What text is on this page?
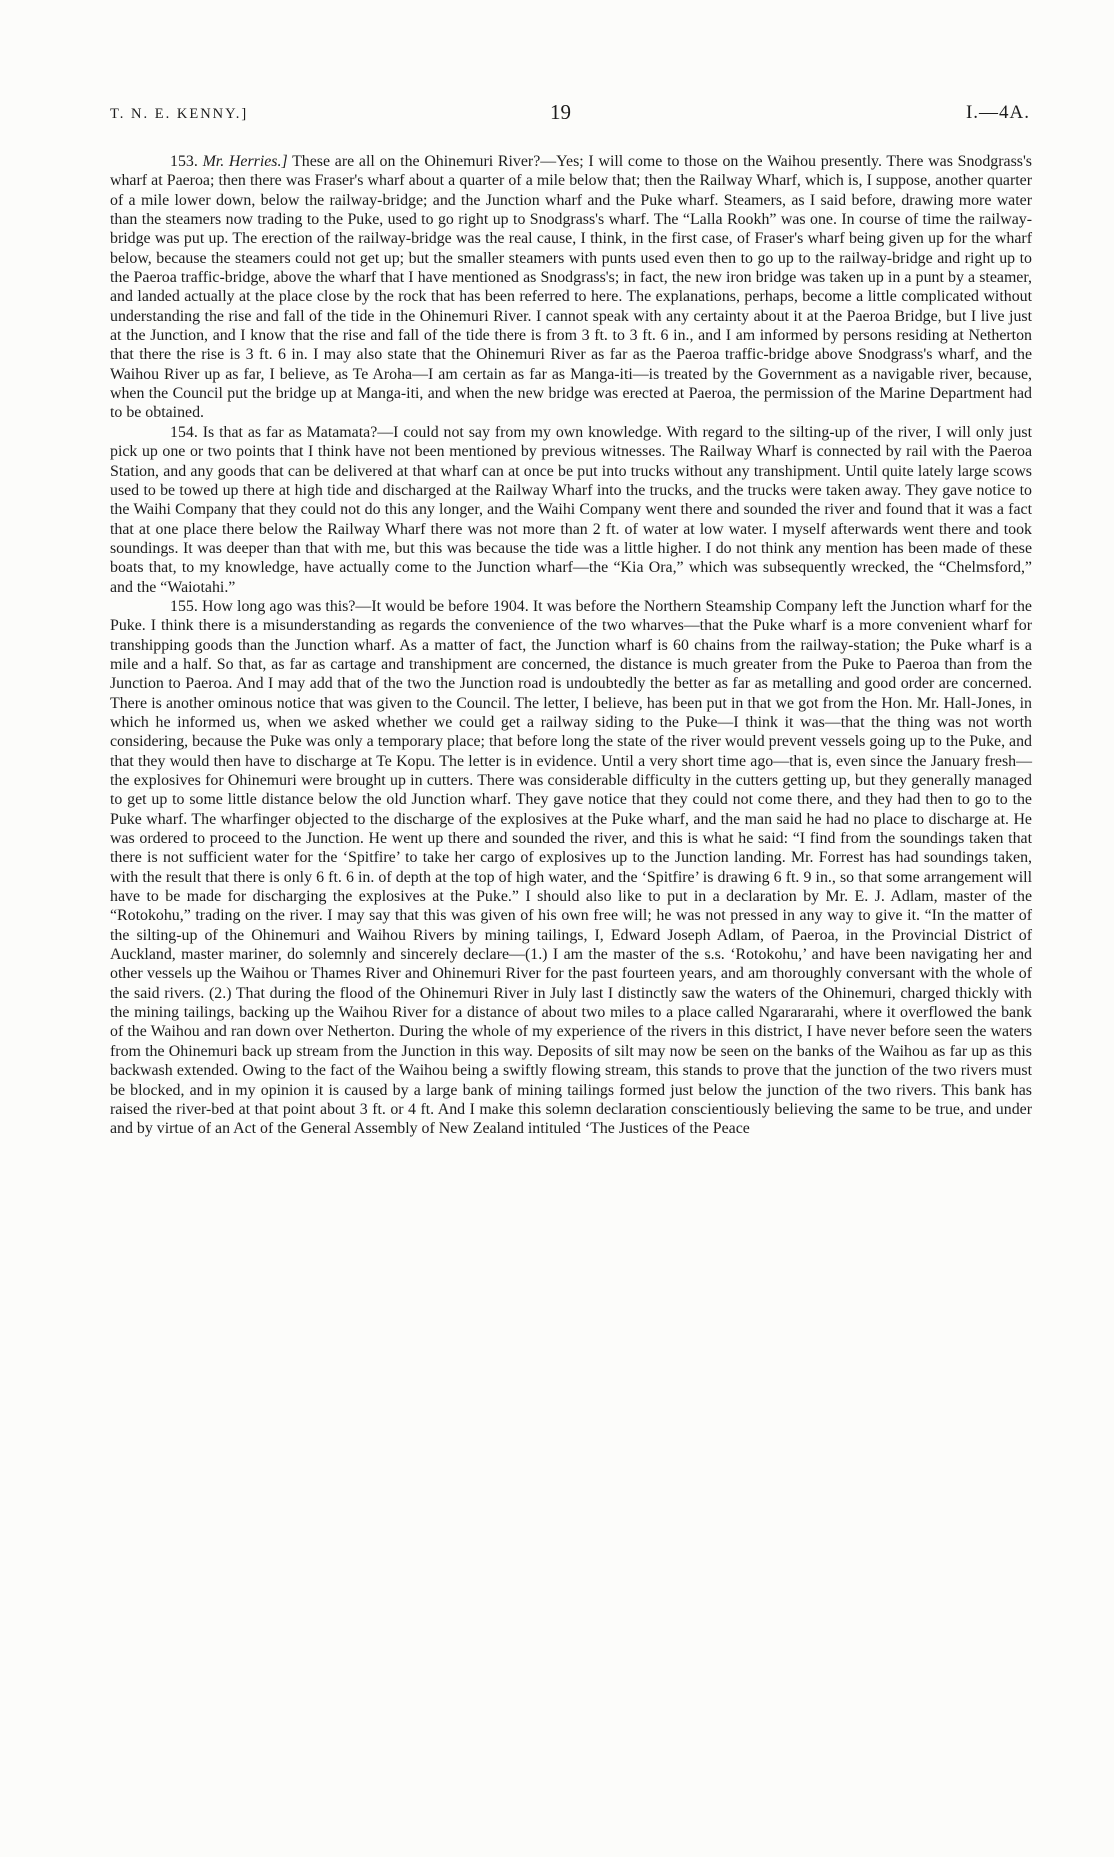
T. N. E. KENNY.]	19	I.—4A.

153. Mr. Herries.] These are all on the Ohinemuri River?—Yes; I will come to those on the Waihou presently. There was Snodgrass's wharf at Paeroa; then there was Fraser's wharf about a quarter of a mile below that; then the Railway Wharf, which is, I suppose, another quarter of a mile lower down, below the railway-bridge; and the Junction wharf and the Puke wharf. Steamers, as I said before, drawing more water than the steamers now trading to the Puke, used to go right up to Snodgrass's wharf. The “Lalla Rookh” was one. In course of time the railway-bridge was put up. The erection of the railway-bridge was the real cause, I think, in the first case, of Fraser's wharf being given up for the wharf below, because the steamers could not get up; but the smaller steamers with punts used even then to go up to the railway-bridge and right up to the Paeroa traffic-bridge, above the wharf that I have mentioned as Snodgrass's; in fact, the new iron bridge was taken up in a punt by a steamer, and landed actually at the place close by the rock that has been referred to here. The explanations, perhaps, become a little complicated without understanding the rise and fall of the tide in the Ohinemuri River. I cannot speak with any certainty about it at the Paeroa Bridge, but I live just at the Junction, and I know that the rise and fall of the tide there is from 3 ft. to 3 ft. 6 in., and I am informed by persons residing at Netherton that there the rise is 3 ft. 6 in. I may also state that the Ohinemuri River as far as the Paeroa traffic-bridge above Snodgrass's wharf, and the Waihou River up as far, I believe, as Te Aroha—I am certain as far as Manga-iti—is treated by the Government as a navigable river, because, when the Council put the bridge up at Manga-iti, and when the new bridge was erected at Paeroa, the permission of the Marine Department had to be obtained.

154. Is that as far as Matamata?—I could not say from my own knowledge. With regard to the silting-up of the river, I will only just pick up one or two points that I think have not been mentioned by previous witnesses. The Railway Wharf is connected by rail with the Paeroa Station, and any goods that can be delivered at that wharf can at once be put into trucks without any transhipment. Until quite lately large scows used to be towed up there at high tide and discharged at the Railway Wharf into the trucks, and the trucks were taken away. They gave notice to the Waihi Company that they could not do this any longer, and the Waihi Company went there and sounded the river and found that it was a fact that at one place there below the Railway Wharf there was not more than 2 ft. of water at low water. I myself afterwards went there and took soundings. It was deeper than that with me, but this was because the tide was a little higher. I do not think any mention has been made of these boats that, to my knowledge, have actually come to the Junction wharf—the “Kia Ora,” which was subsequently wrecked, the “Chelmsford,” and the “Waiotahi.”

155. How long ago was this?—It would be before 1904. It was before the Northern Steamship Company left the Junction wharf for the Puke. I think there is a misunderstanding as regards the convenience of the two wharves—that the Puke wharf is a more convenient wharf for transhipping goods than the Junction wharf. As a matter of fact, the Junction wharf is 60 chains from the railway-station; the Puke wharf is a mile and a half. So that, as far as cartage and transhipment are concerned, the distance is much greater from the Puke to Paeroa than from the Junction to Paeroa. And I may add that of the two the Junction road is undoubtedly the better as far as metalling and good order are concerned. There is another ominous notice that was given to the Council. The letter, I believe, has been put in that we got from the Hon. Mr. Hall-Jones, in which he informed us, when we asked whether we could get a railway siding to the Puke—I think it was—that the thing was not worth considering, because the Puke was only a temporary place; that before long the state of the river would prevent vessels going up to the Puke, and that they would then have to discharge at Te Kopu. The letter is in evidence. Until a very short time ago—that is, even since the January fresh—the explosives for Ohinemuri were brought up in cutters. There was considerable difficulty in the cutters getting up, but they generally managed to get up to some little distance below the old Junction wharf. They gave notice that they could not come there, and they had then to go to the Puke wharf. The wharfinger objected to the discharge of the explosives at the Puke wharf, and the man said he had no place to discharge at. He was ordered to proceed to the Junction. He went up there and sounded the river, and this is what he said: “I find from the soundings taken that there is not sufficient water for the ‘Spitfire’ to take her cargo of explosives up to the Junction landing. Mr. Forrest has had soundings taken, with the result that there is only 6 ft. 6 in. of depth at the top of high water, and the ‘Spitfire’ is drawing 6 ft. 9 in., so that some arrangement will have to be made for discharging the explosives at the Puke.” I should also like to put in a declaration by Mr. E. J. Adlam, master of the “Rotokohu,” trading on the river. I may say that this was given of his own free will; he was not pressed in any way to give it. “In the matter of the silting-up of the Ohinemuri and Waihou Rivers by mining tailings, I, Edward Joseph Adlam, of Paeroa, in the Provincial District of Auckland, master mariner, do solemnly and sincerely declare—(1.) I am the master of the s.s. ‘Rotokohu,’ and have been navigating her and other vessels up the Waihou or Thames River and Ohinemuri River for the past fourteen years, and am thoroughly conversant with the whole of the said rivers. (2.) That during the flood of the Ohinemuri River in July last I distinctly saw the waters of the Ohinemuri, charged thickly with the mining tailings, backing up the Waihou River for a distance of about two miles to a place called Ngarararahi, where it overflowed the bank of the Waihou and ran down over Netherton. During the whole of my experience of the rivers in this district, I have never before seen the waters from the Ohinemuri back up stream from the Junction in this way. Deposits of silt may now be seen on the banks of the Waihou as far up as this backwash extended. Owing to the fact of the Waihou being a swiftly flowing stream, this stands to prove that the junction of the two rivers must be blocked, and in my opinion it is caused by a large bank of mining tailings formed just below the junction of the two rivers. This bank has raised the river-bed at that point about 3 ft. or 4 ft. And I make this solemn declaration conscientiously believing the same to be true, and under and by virtue of an Act of the General Assembly of New Zealand intituled ‘The Justices of the Peace
